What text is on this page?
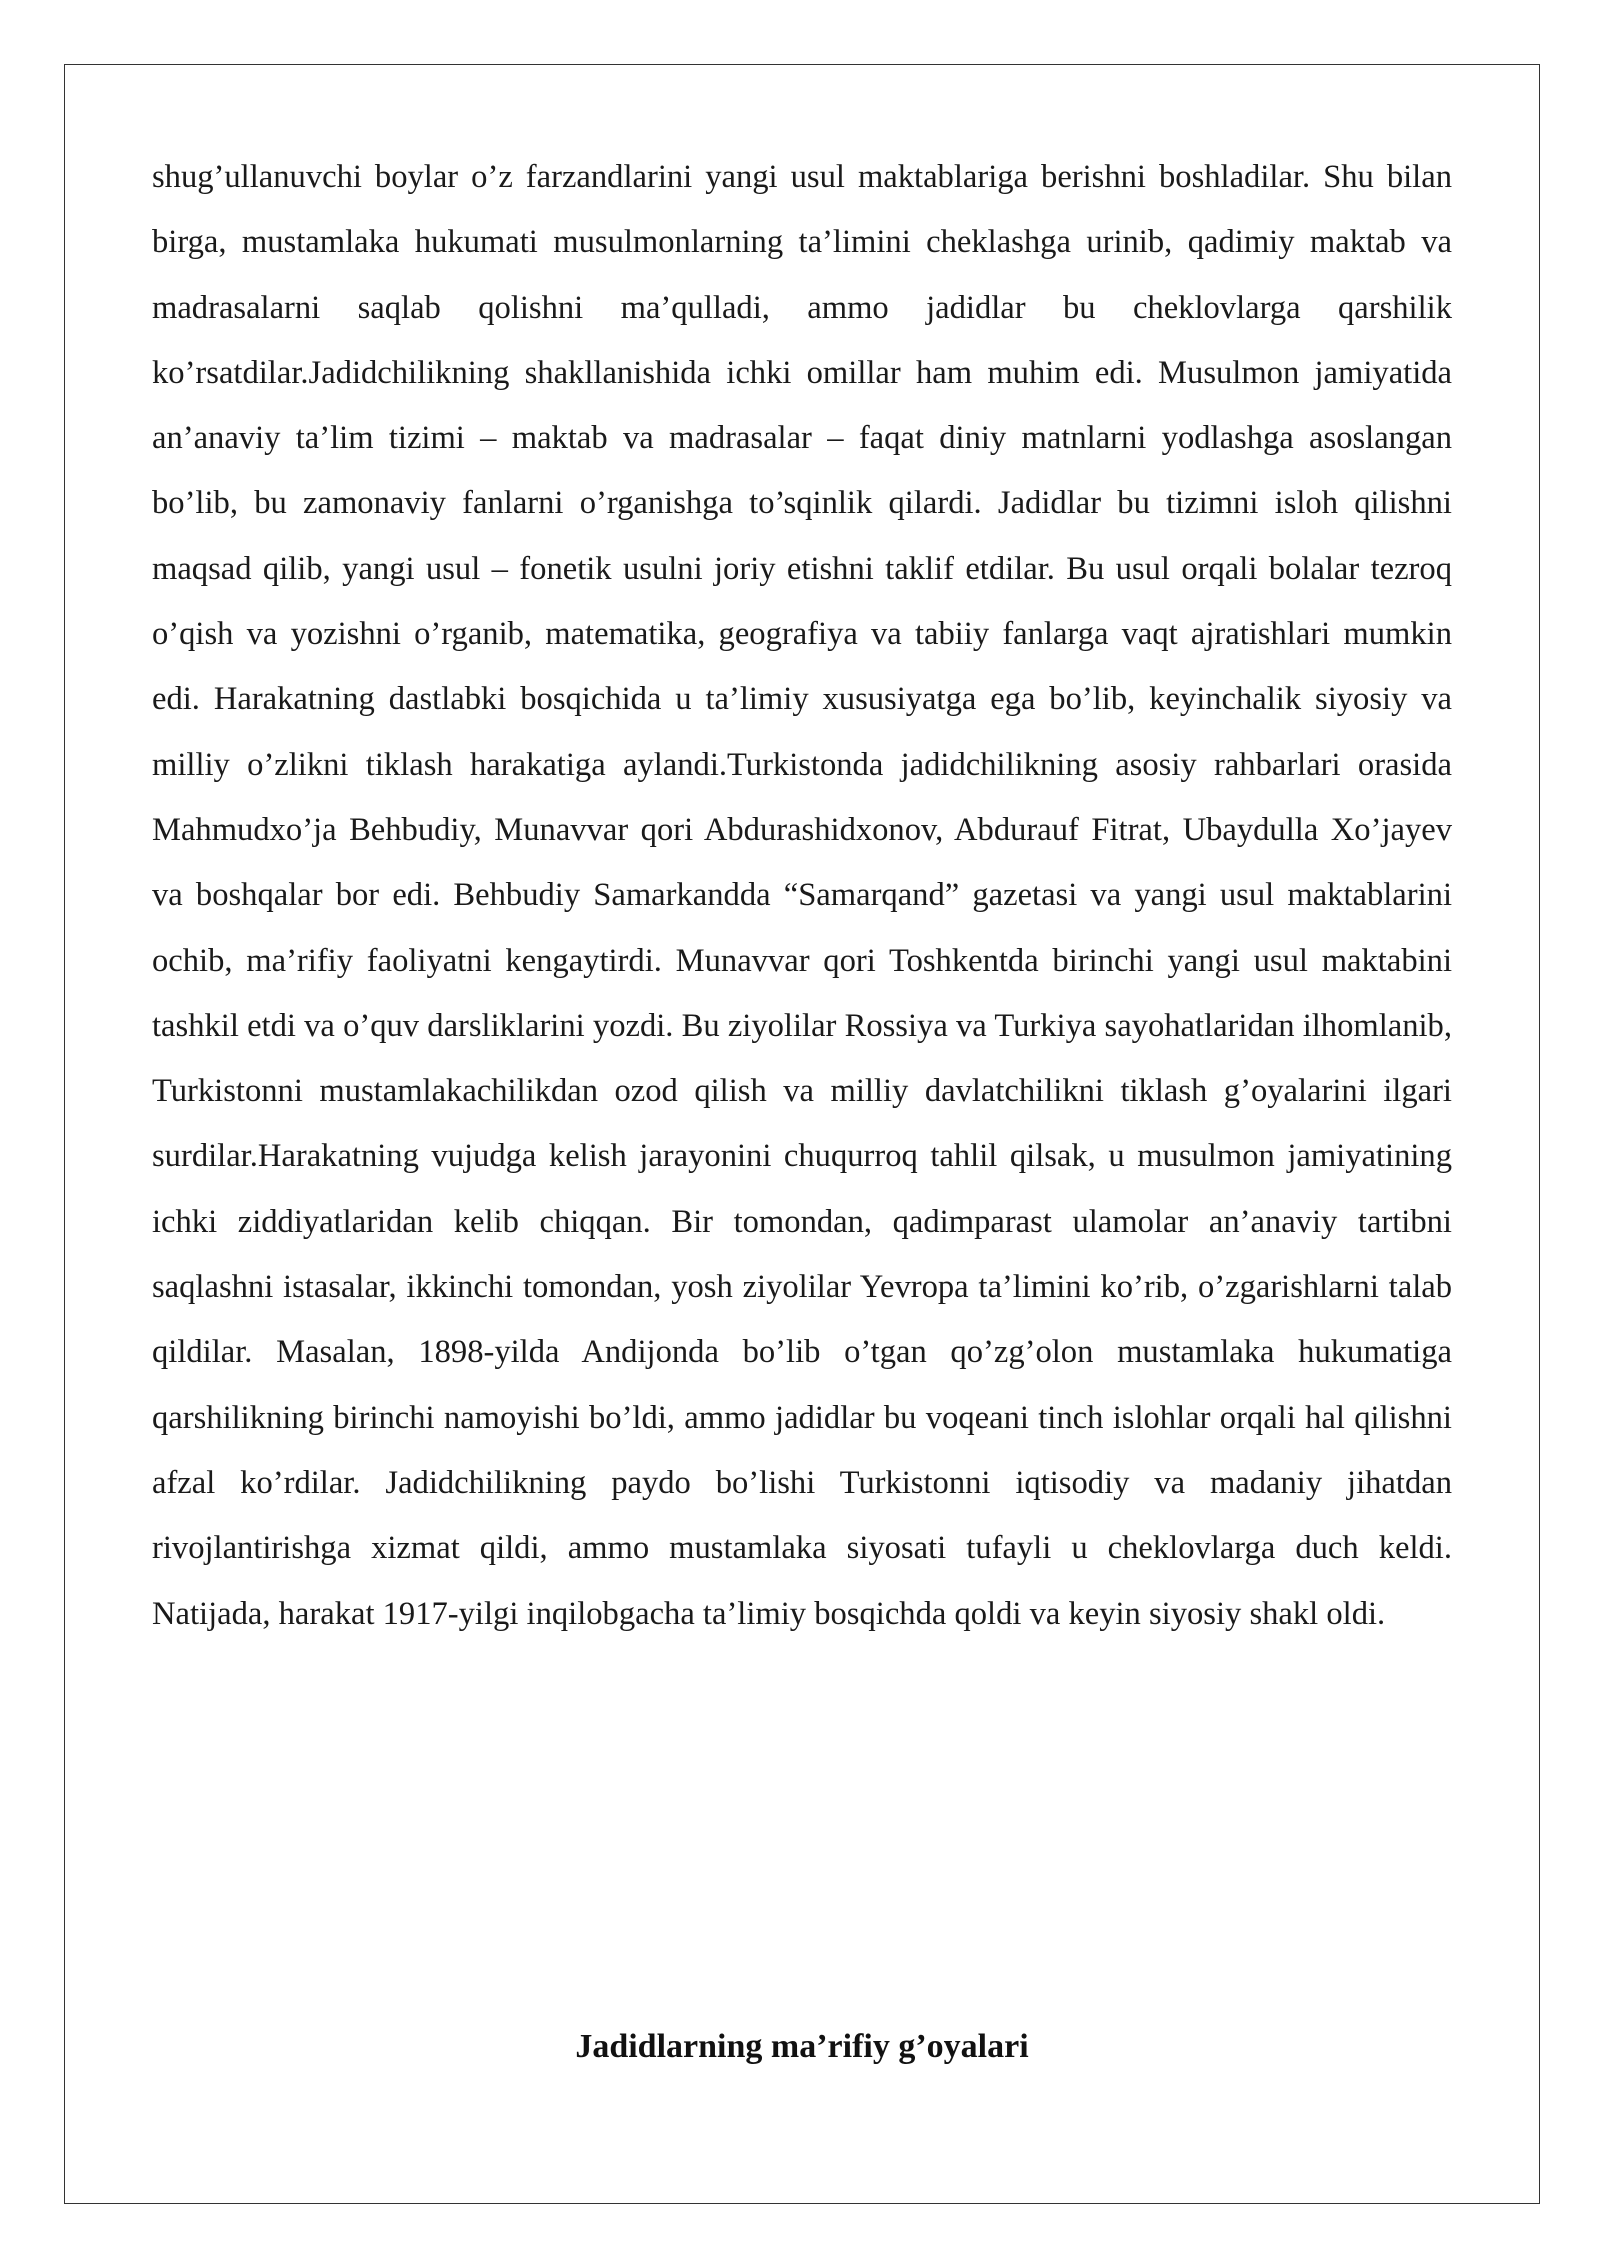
shug’ullanuvchi boylar o’z farzandlarini yangi usul maktablariga berishni boshladilar. Shu bilan birga, mustamlaka hukumati musulmonlarning ta’limini cheklashga urinib, qadimiy maktab va madrasalarni saqlab qolishni ma’qulladi, ammo jadidlar bu cheklovlarga qarshilik ko’rsatdilar.Jadidchilikning shakllanishida ichki omillar ham muhim edi. Musulmon jamiyatida an’anaviy ta’lim tizimi – maktab va madrasalar – faqat diniy matnlarni yodlashga asoslangan bo’lib, bu zamonaviy fanlarni o’rganishga to’sqinlik qilardi. Jadidlar bu tizimni isloh qilishni maqsad qilib, yangi usul – fonetik usulni joriy etishni taklif etdilar. Bu usul orqali bolalar tezroq o’qish va yozishni o’rganib, matematika, geografiya va tabiiy fanlarga vaqt ajratishlari mumkin edi. Harakatning dastlabki bosqichida u ta’limiy xususiyatga ega bo’lib, keyinchalik siyosiy va milliy o’zlikni tiklash harakatiga aylandi.Turkistonda jadidchilikning asosiy rahbarlari orasida Mahmudxo’ja Behbudiy, Munavvar qori Abdurashidxonov, Abdurauf Fitrat, Ubaydulla Xo’jayev va boshqalar bor edi. Behbudiy Samarkandda “Samarqand” gazetasi va yangi usul maktablarini ochib, ma’rifiy faoliyatni kengaytirdi. Munavvar qori Toshkentda birinchi yangi usul maktabini tashkil etdi va o’quv darsliklarini yozdi. Bu ziyolilar Rossiya va Turkiya sayohatlaridan ilhomlanib, Turkistonni mustamlakachilikdan ozod qilish va milliy davlatchilikni tiklash g’oyalarini ilgari surdilar.Harakatning vujudga kelish jarayonini chuqurroq tahlil qilsak, u musulmon jamiyatining ichki ziddiyatlaridan kelib chiqqan. Bir tomondan, qadimparast ulamolar an’anaviy tartibni saqlashni istasalar, ikkinchi tomondan, yosh ziyolilar Yevropa ta’limini ko’rib, o’zgarishlarni talab qildilar. Masalan, 1898-yilda Andijonda bo’lib o’tgan qo’zg’olon mustamlaka hukumatiga qarshilikning birinchi namoyishi bo’ldi, ammo jadidlar bu voqeani tinch islohlar orqali hal qilishni afzal ko’rdilar. Jadidchilikning paydo bo’lishi Turkistonni iqtisodiy va madaniy jihatdan rivojlantirishga xizmat qildi, ammo mustamlaka siyosati tufayli u cheklovlarga duch keldi. Natijada, harakat 1917-yilgi inqilobgacha ta’limiy bosqichda qoldi va keyin siyosiy shakl oldi.

Jadidlarning ma’rifiy g’oyalari
